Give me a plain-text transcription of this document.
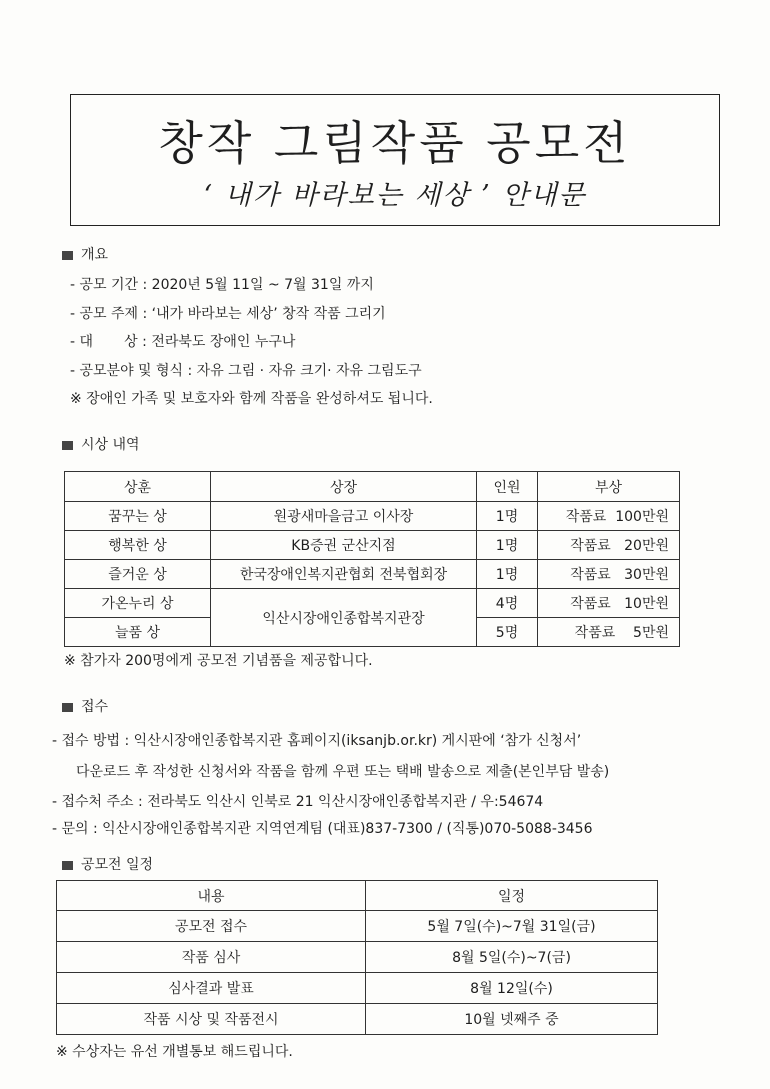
창작 그림작품 공모전
‘ 내가 바라보는 세상 ’ 안내문
개요
- 공모 기간 : 2020년 5월 11일 ~ 7월 31일 까지
- 공모 주제 : ‘내가 바라보는 세상’ 창작 작품 그리기
- 대       상 : 전라북도 장애인 누구나
- 공모분야 및 형식 : 자유 그림 · 자유 크기· 자유 그림도구
※ 장애인 가족 및 보호자와 함께 작품을 완성하셔도 됩니다.
시상 내역
상훈	상장	인원	부상
꿈꾸는 상	원광새마을금고 이사장	1명	작품료  100만원
행복한 상	KB증권 군산지점	1명	작품료   20만원
즐거운 상	한국장애인복지관협회 전북협회장	1명	작품료   30만원
가온누리 상	익산시장애인종합복지관장	4명	작품료   10만원
늘품 상		5명	작품료    5만원
※ 참가자 200명에게 공모전 기념품을 제공합니다.
접수
- 접수 방법 : 익산시장애인종합복지관 홈페이지(iksanjb.or.kr) 게시판에 ‘참가 신청서’
다운로드 후 작성한 신청서와 작품을 함께 우편 또는 택배 발송으로 제출(본인부담 발송)
- 접수처 주소 : 전라북도 익산시 인북로 21 익산시장애인종합복지관 / 우:54674
- 문의 : 익산시장애인종합복지관 지역연계팀 (대표)837-7300 / (직통)070-5088-3456
공모전 일정
내용	일정
공모전 접수	5월 7일(수)~7월 31일(금)
작품 심사	8월 5일(수)~7(금)
심사결과 발표	8월 12일(수)
작품 시상 및 작품전시	10월 넷째주 중
※ 수상자는 유선 개별통보 해드립니다.
